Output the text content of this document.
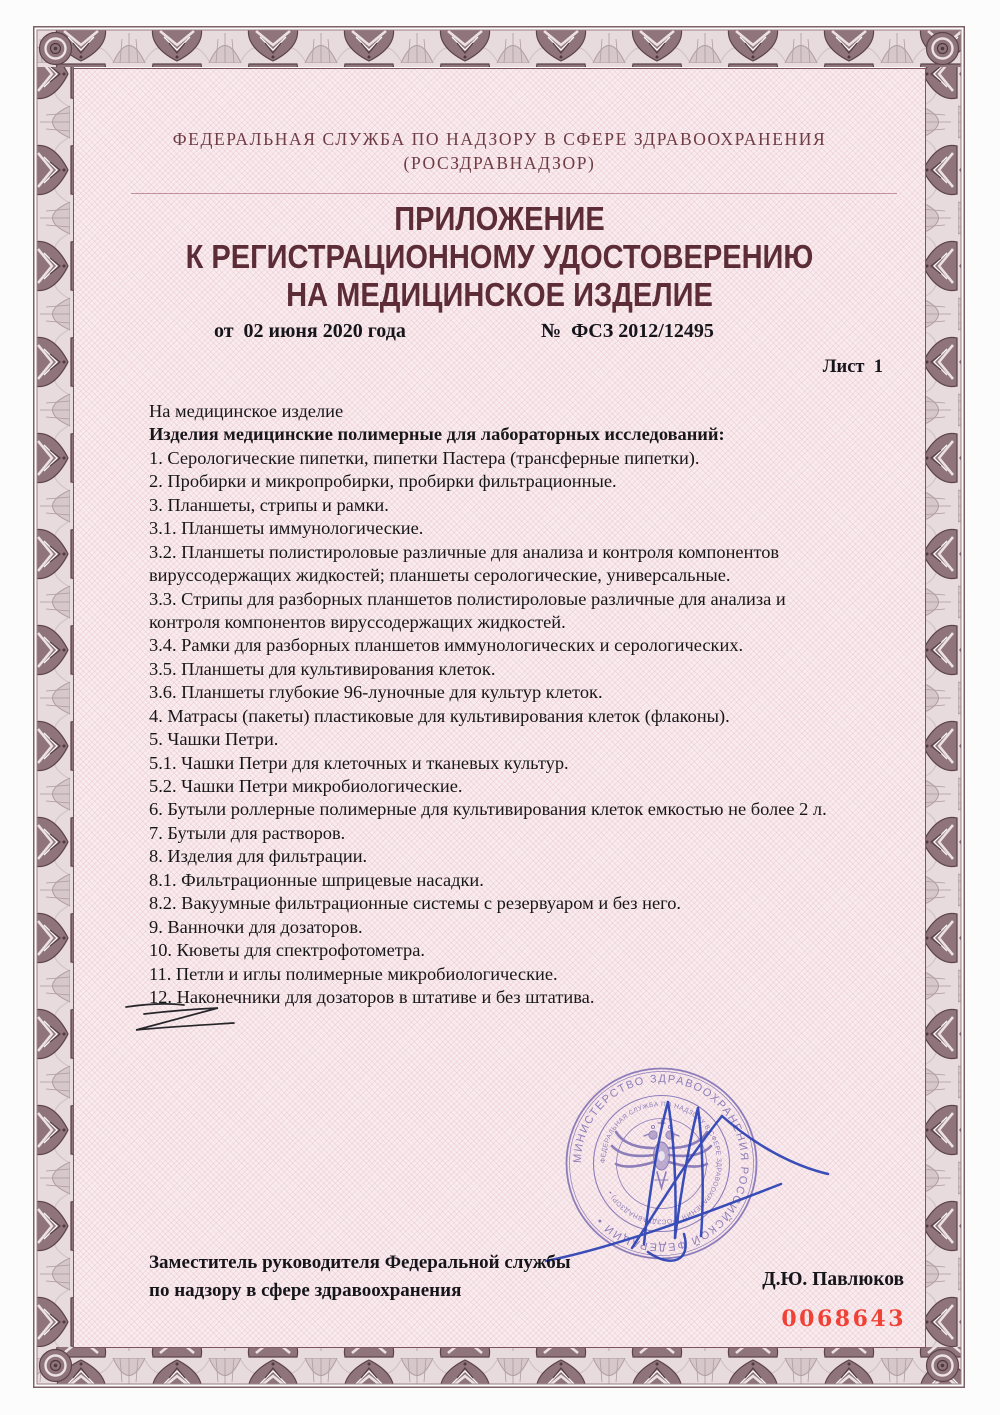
ФЕДЕРАЛЬНАЯ СЛУЖБА ПО НАДЗОРУ В СФЕРЕ ЗДРАВООХРАНЕНИЯ
(РОСЗДРАВНАДЗОР)
ПРИЛОЖЕНИЕ
К РЕГИСТРАЦИОННОМУ УДОСТОВЕРЕНИЮ
НА МЕДИЦИНСКОЕ ИЗДЕЛИЕ
от 02 июня 2020 года	№ ФСЗ 2012/12495
Лист 1
На медицинское изделие
Изделия медицинские полимерные для лабораторных исследований:
1. Серологические пипетки, пипетки Пастера (трансферные пипетки).
2. Пробирки и микропробирки, пробирки фильтрационные.
3. Планшеты, стрипы и рамки.
3.1. Планшеты иммунологические.
3.2. Планшеты полистироловые различные для анализа и контроля компонентов
вируссодержащих жидкостей; планшеты серологические, универсальные.
3.3. Стрипы для разборных планшетов полистироловые различные для анализа и
контроля компонентов вируссодержащих жидкостей.
3.4. Рамки для разборных планшетов иммунологических и серологических.
3.5. Планшеты для культивирования клеток.
3.6. Планшеты глубокие 96-луночные для культур клеток.
4. Матрасы (пакеты) пластиковые для культивирования клеток (флаконы).
5. Чашки Петри.
5.1. Чашки Петри для клеточных и тканевых культур.
5.2. Чашки Петри микробиологические.
6. Бутыли роллерные полимерные для культивирования клеток емкостью не более 2 л.
7. Бутыли для растворов.
8. Изделия для фильтрации.
8.1. Фильтрационные шприцевые насадки.
8.2. Вакуумные фильтрационные системы с резервуаром и без него.
9. Ванночки для дозаторов.
10. Кюветы для спектрофотометра.
11. Петли и иглы полимерные микробиологические.
12. Наконечники для дозаторов в штативе и без штатива.
МИНИСТЕРСТВО ЗДРАВООХРАНЕНИЯ РОССИЙСКОЙ ФЕДЕРАЦИИ •
ФЕДЕРАЛЬНАЯ СЛУЖБА ПО НАДЗОРУ В СФЕРЕ ЗДРАВООХРАНЕНИЯ (РОСЗДРАВНАДЗОР) •
Заместитель руководителя Федеральной службы
по надзору в сфере здравоохранения
Д.Ю. Павлюков
0068643
